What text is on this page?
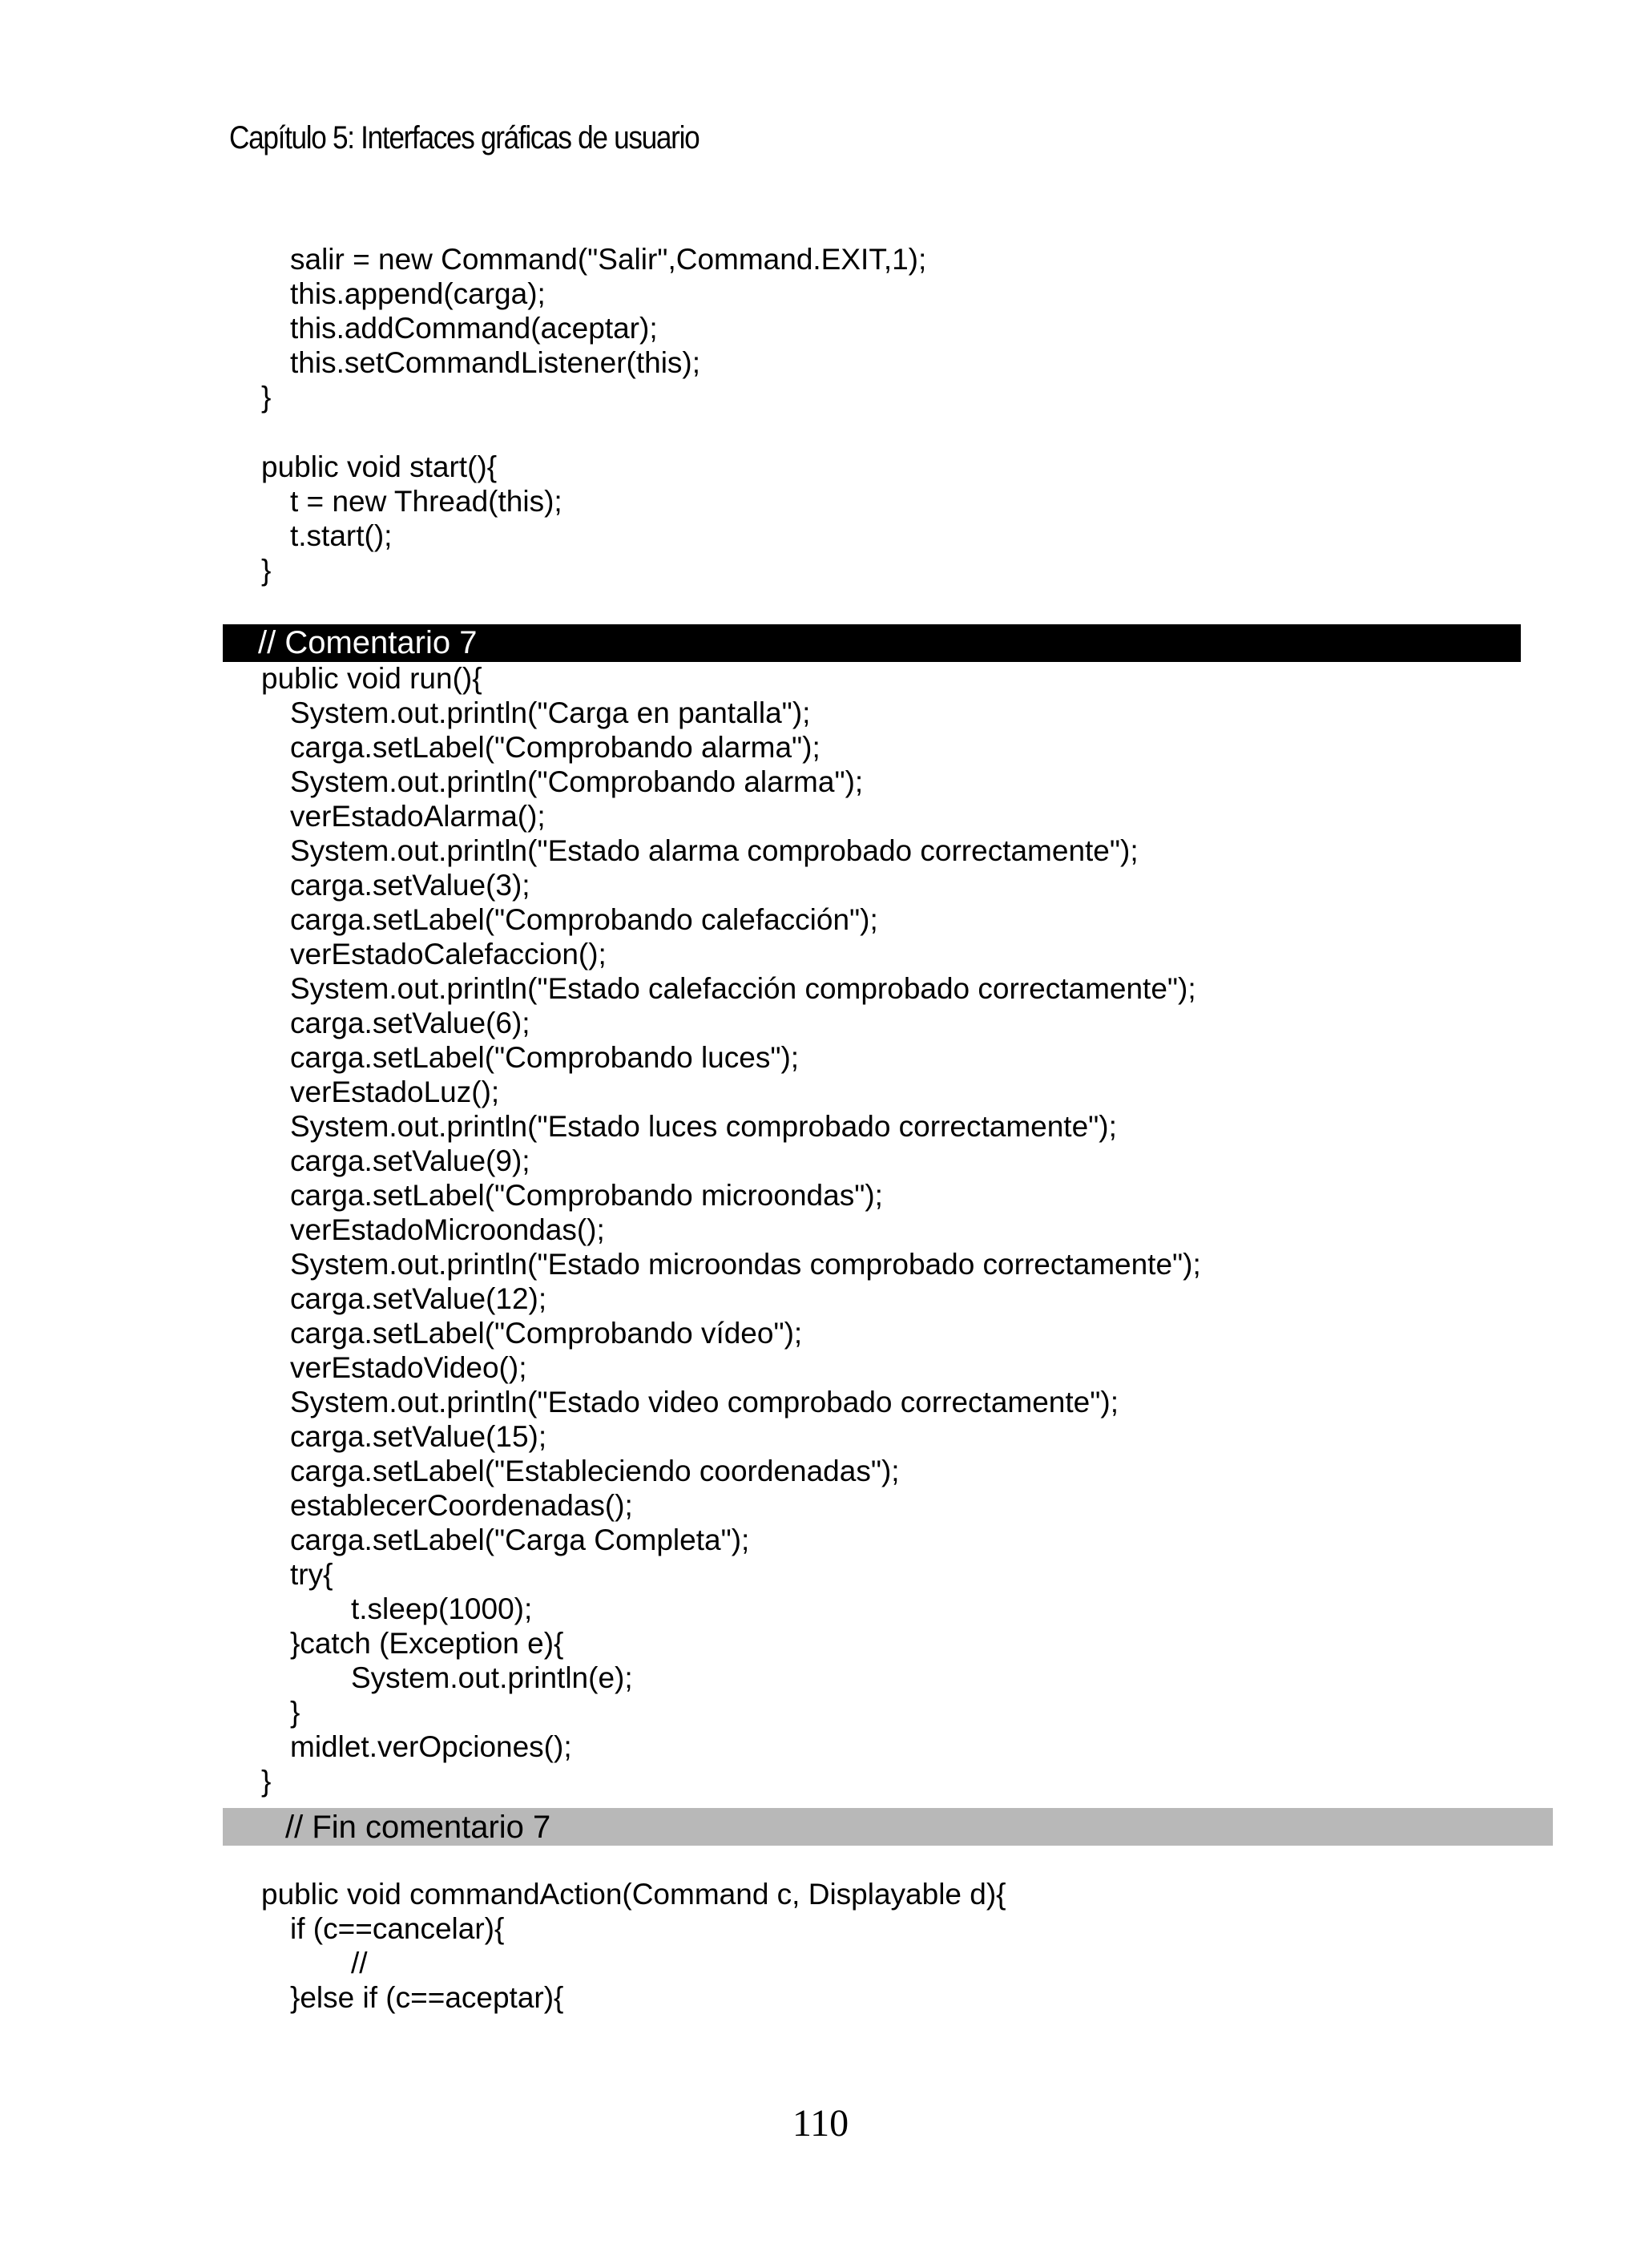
Capítulo 5: Interfaces gráficas de usuario
salir = new Command("Salir",Command.EXIT,1);
this.append(carga);
this.addCommand(aceptar);
this.setCommandListener(this);
}
public void start(){
t = new Thread(this);
t.start();
}
// Comentario 7
public void run(){
System.out.println("Carga en pantalla");
carga.setLabel("Comprobando alarma");
System.out.println("Comprobando alarma");
verEstadoAlarma();
System.out.println("Estado alarma comprobado correctamente");
carga.setValue(3);
carga.setLabel("Comprobando calefacción");
verEstadoCalefaccion();
System.out.println("Estado calefacción comprobado correctamente");
carga.setValue(6);
carga.setLabel("Comprobando luces");
verEstadoLuz();
System.out.println("Estado luces comprobado correctamente");
carga.setValue(9);
carga.setLabel("Comprobando microondas");
verEstadoMicroondas();
System.out.println("Estado microondas comprobado correctamente");
carga.setValue(12);
carga.setLabel("Comprobando vídeo");
verEstadoVideo();
System.out.println("Estado video comprobado correctamente");
carga.setValue(15);
carga.setLabel("Estableciendo coordenadas");
establecerCoordenadas();
carga.setLabel("Carga Completa");
try{
t.sleep(1000);
}catch (Exception e){
System.out.println(e);
}
midlet.verOpciones();
}
// Fin comentario 7
public void commandAction(Command c, Displayable d){
if (c==cancelar){
//
}else if (c==aceptar){
110
